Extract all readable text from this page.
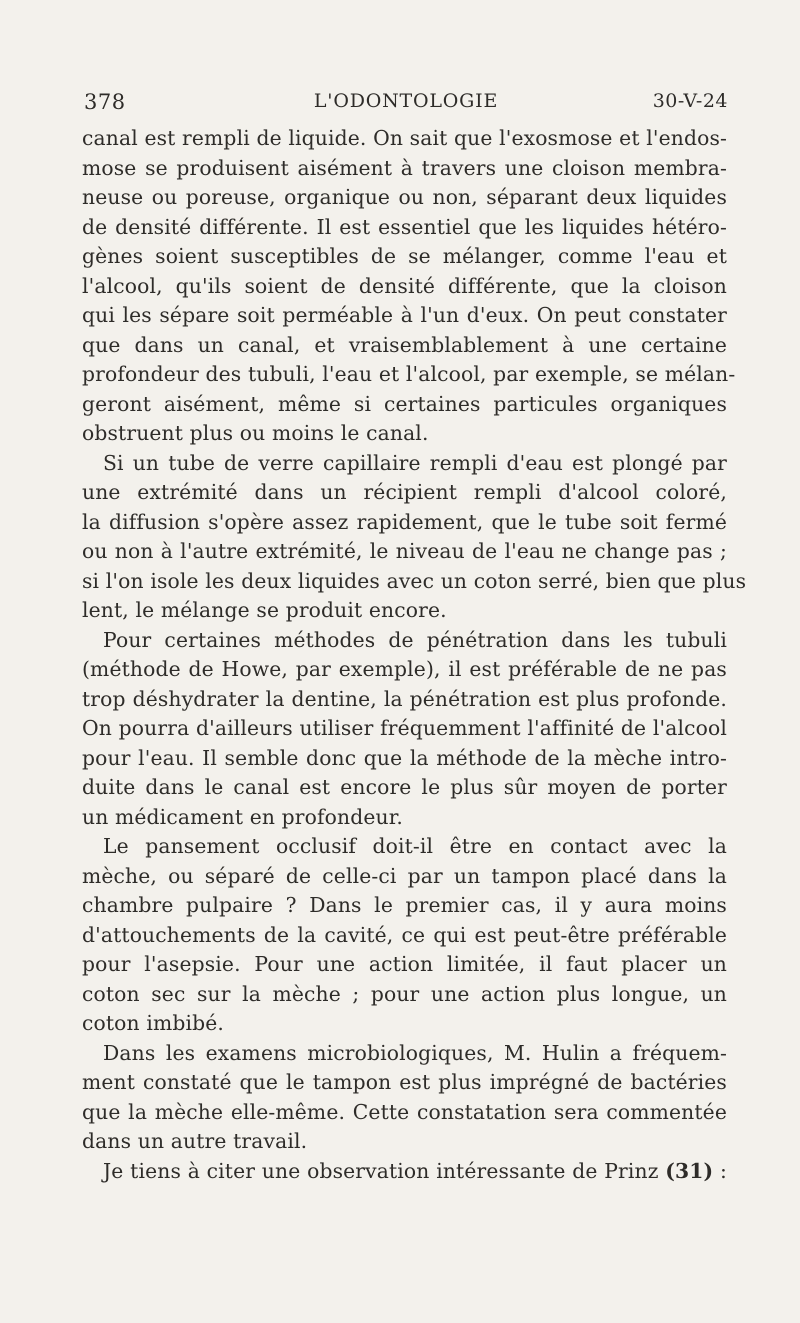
378	L'ODONTOLOGIE	30-V-24
canal est rempli de liquide. On sait que l'exosmose et l'endos-
mose se produisent aisément à travers une cloison membra-
neuse ou poreuse, organique ou non, séparant deux liquides
de densité différente. Il est essentiel que les liquides hétéro-
gènes soient susceptibles de se mélanger, comme l'eau et
l'alcool, qu'ils soient de densité différente, que la cloison
qui les sépare soit perméable à l'un d'eux. On peut constater
que dans un canal, et vraisemblablement à une certaine
profondeur des tubuli, l'eau et l'alcool, par exemple, se mélan-
geront aisément, même si certaines particules organiques
obstruent plus ou moins le canal.
Si un tube de verre capillaire rempli d'eau est plongé par
une extrémité dans un récipient rempli d'alcool coloré,
la diffusion s'opère assez rapidement, que le tube soit fermé
ou non à l'autre extrémité, le niveau de l'eau ne change pas ;
si l'on isole les deux liquides avec un coton serré, bien que plus
lent, le mélange se produit encore.
Pour certaines méthodes de pénétration dans les tubuli
(méthode de Howe, par exemple), il est préférable de ne pas
trop déshydrater la dentine, la pénétration est plus profonde.
On pourra d'ailleurs utiliser fréquemment l'affinité de l'alcool
pour l'eau. Il semble donc que la méthode de la mèche intro-
duite dans le canal est encore le plus sûr moyen de porter
un médicament en profondeur.
Le pansement occlusif doit-il être en contact avec la
mèche, ou séparé de celle-ci par un tampon placé dans la
chambre pulpaire ? Dans le premier cas, il y aura moins
d'attouchements de la cavité, ce qui est peut-être préférable
pour l'asepsie. Pour une action limitée, il faut placer un
coton sec sur la mèche ; pour une action plus longue, un
coton imbibé.
Dans les examens microbiologiques, M. Hulin a fréquem-
ment constaté que le tampon est plus imprégné de bactéries
que la mèche elle-même. Cette constatation sera commentée
dans un autre travail.
Je tiens à citer une observation intéressante de Prinz (31) :
